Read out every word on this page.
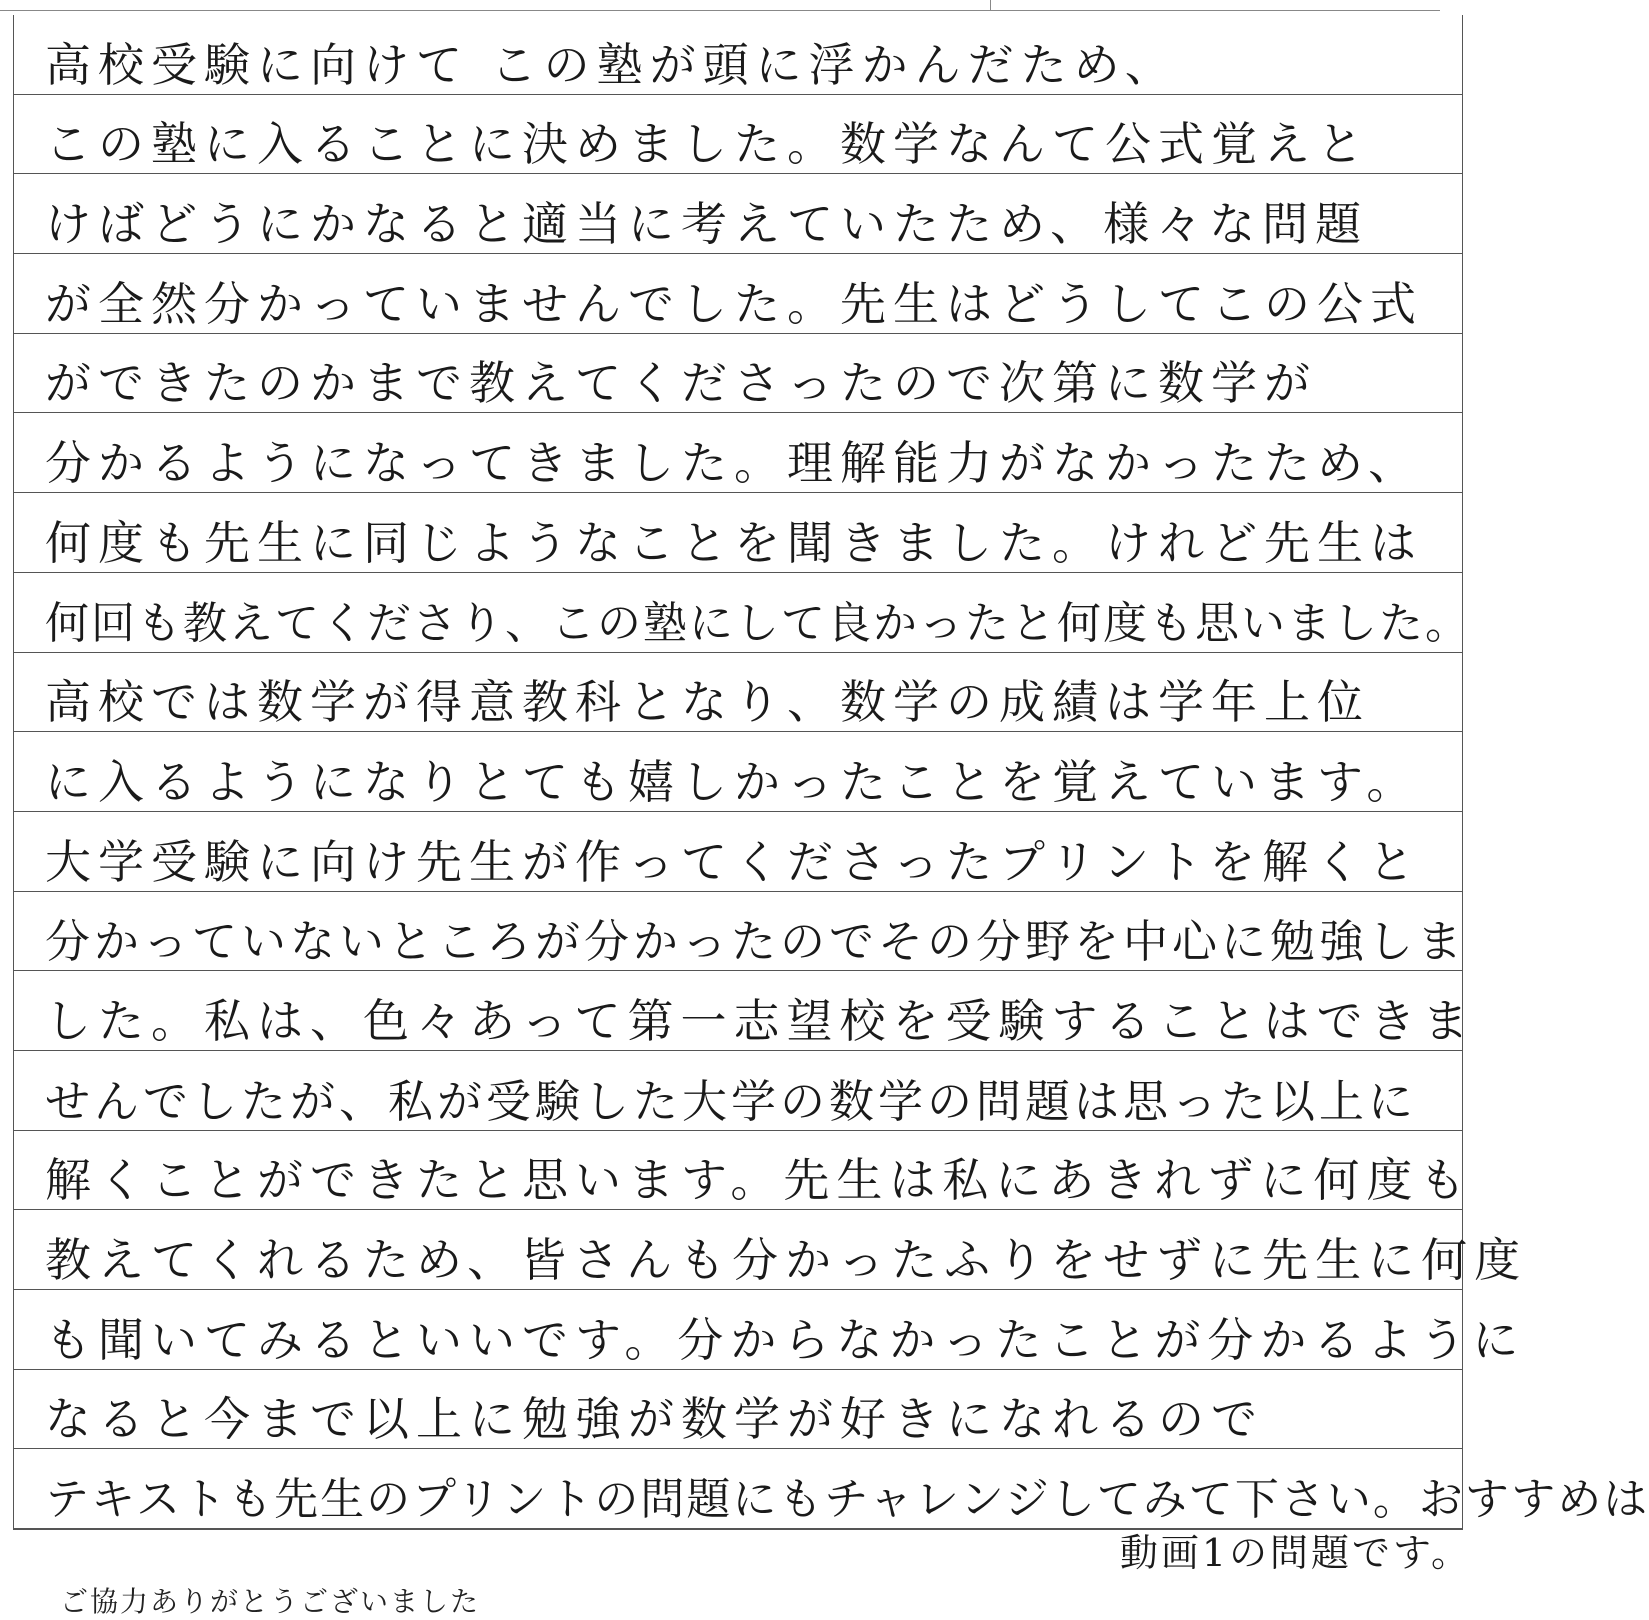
高校受験に向けて この塾が頭に浮かんだため、
この塾に入ることに決めました。数学なんて公式覚えと
けばどうにかなると適当に考えていたため、様々な問題
が全然分かっていませんでした。先生はどうしてこの公式
ができたのかまで教えてくださったので次第に数学が
分かるようになってきました。理解能力がなかったため、
何度も先生に同じようなことを聞きました。けれど先生は
何回も教えてくださり、この塾にして良かったと何度も思いました。
高校では数学が得意教科となり、数学の成績は学年上位
に入るようになりとても嬉しかったことを覚えています。
大学受験に向け先生が作ってくださったプリントを解くと
分かっていないところが分かったのでその分野を中心に勉強しま
した。私は、色々あって第一志望校を受験することはできま
せんでしたが、私が受験した大学の数学の問題は思った以上に
解くことができたと思います。先生は私にあきれずに何度も
教えてくれるため、皆さんも分かったふりをせずに先生に何度
も聞いてみるといいです。分からなかったことが分かるように
なると今まで以上に勉強が数学が好きになれるので
テキストも先生のプリントの問題にもチャレンジしてみて下さい。おすすめは
動画1の問題です。
ご協力ありがとうございました
